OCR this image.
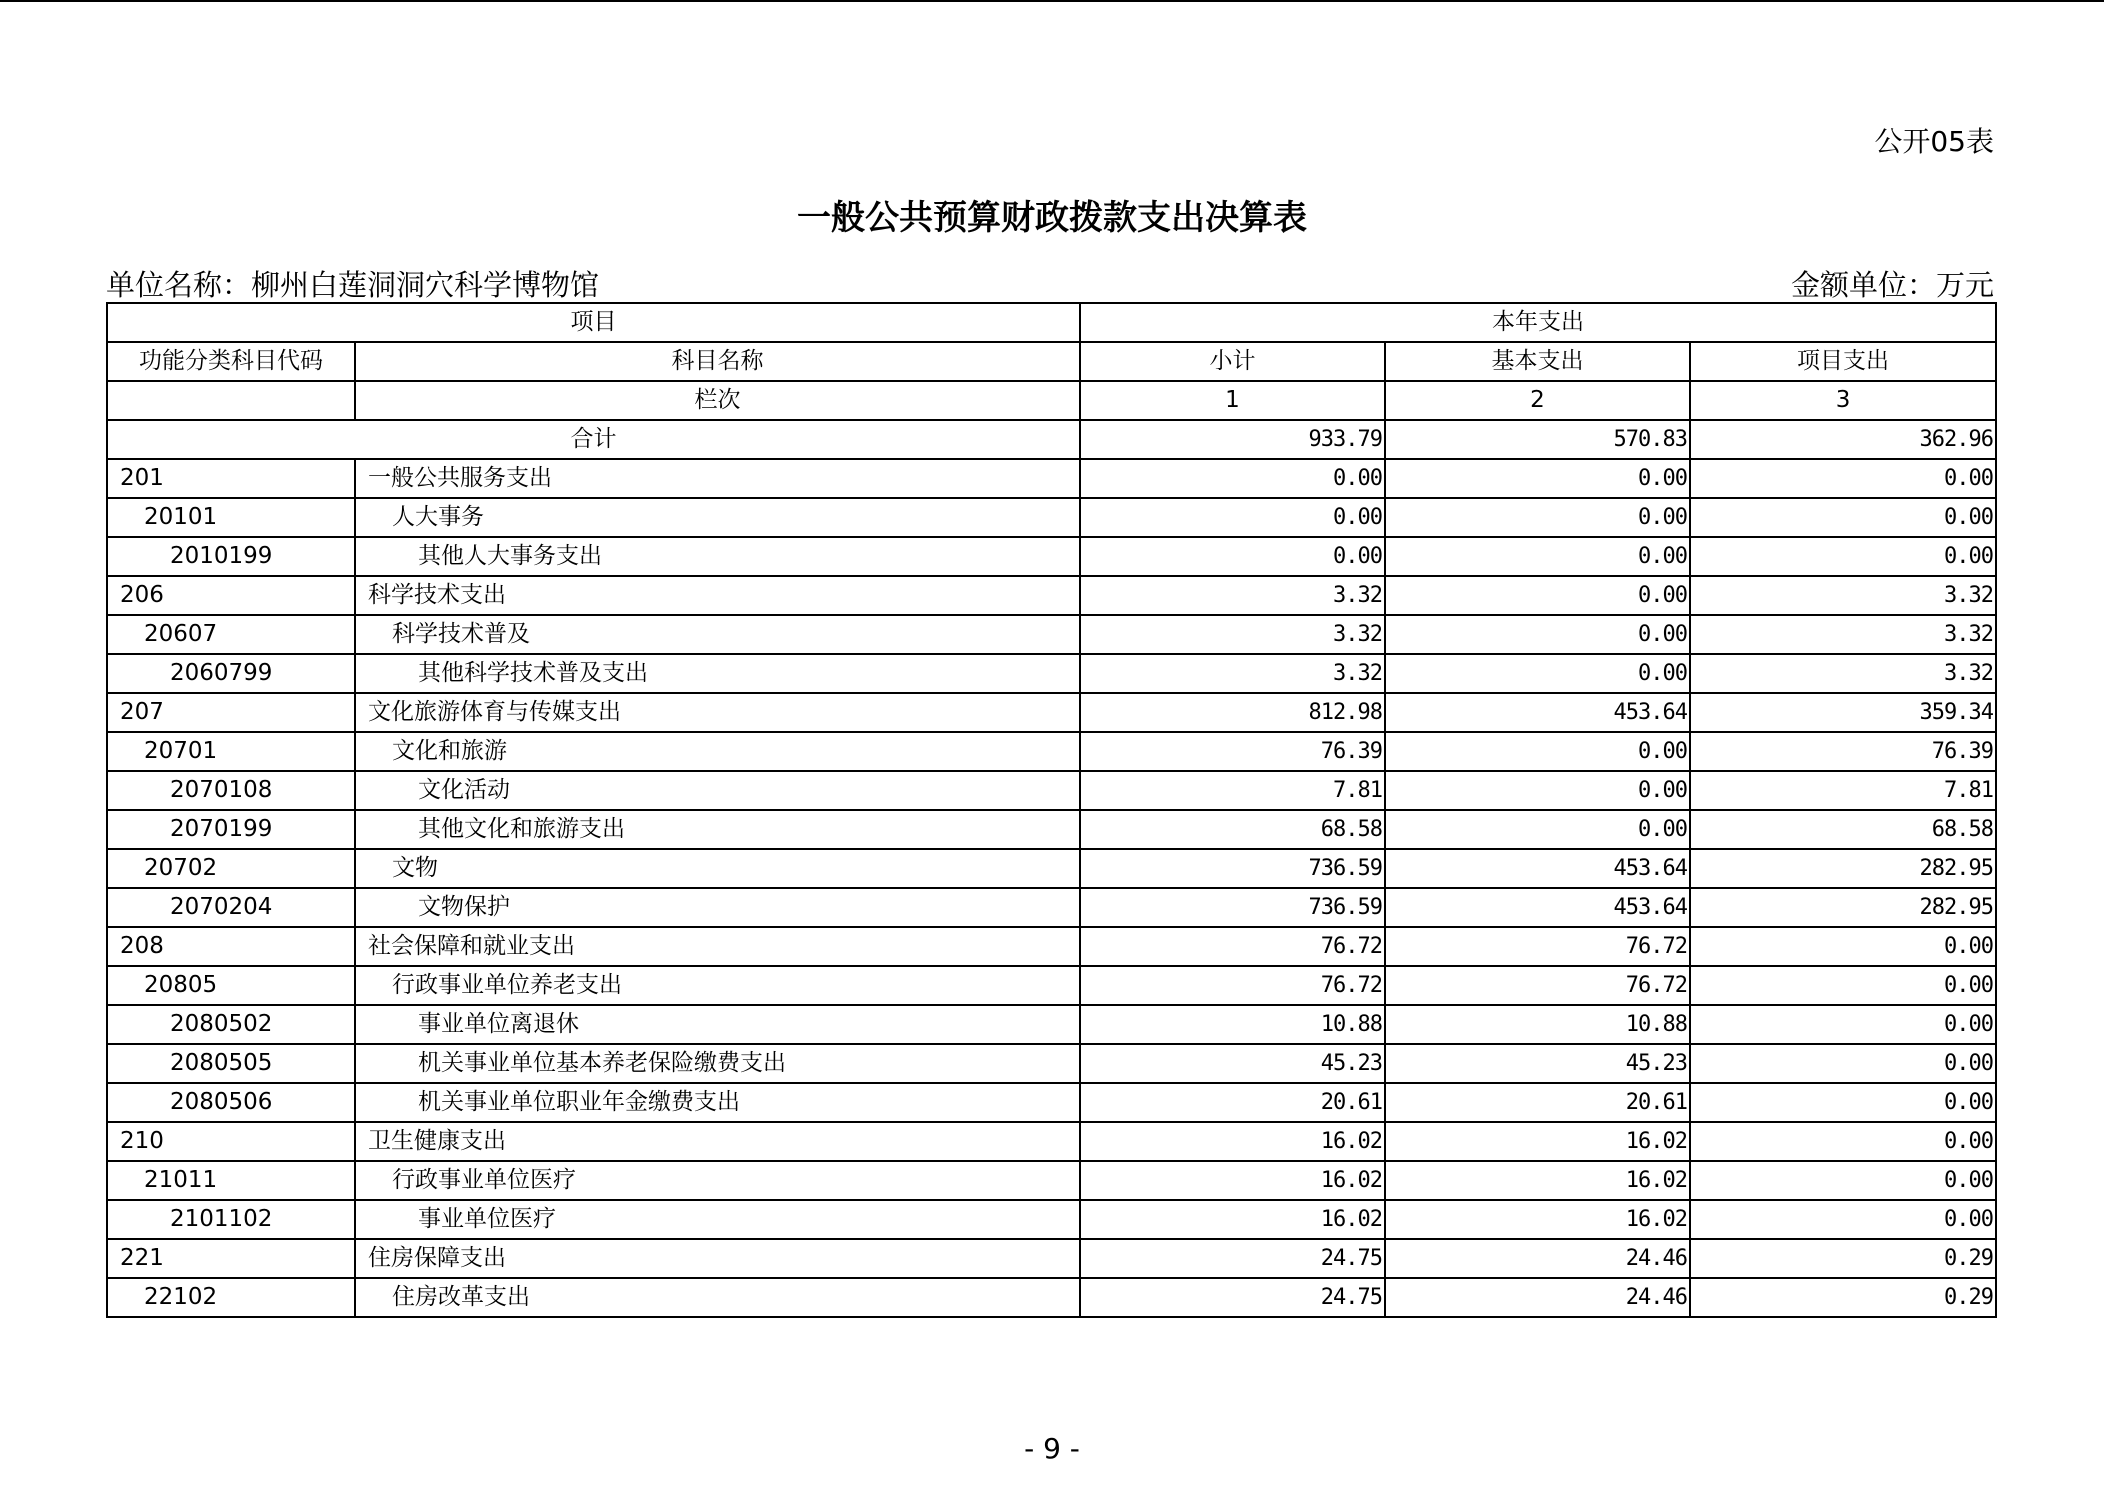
公开05表
一般公共预算财政拨款支出决算表
单位名称：柳州白莲洞洞穴科学博物馆	金额单位：万元
项目		本年支出		
功能分类科目代码	科目名称	小计	基本支出	项目支出
	栏次	1	2	3
合计		933.79	570.83	362.96
201	一般公共服务支出	0.00	0.00	0.00
20101	人大事务	0.00	0.00	0.00
2010199	其他人大事务支出	0.00	0.00	0.00
206	科学技术支出	3.32	0.00	3.32
20607	科学技术普及	3.32	0.00	3.32
2060799	其他科学技术普及支出	3.32	0.00	3.32
207	文化旅游体育与传媒支出	812.98	453.64	359.34
20701	文化和旅游	76.39	0.00	76.39
2070108	文化活动	7.81	0.00	7.81
2070199	其他文化和旅游支出	68.58	0.00	68.58
20702	文物	736.59	453.64	282.95
2070204	文物保护	736.59	453.64	282.95
208	社会保障和就业支出	76.72	76.72	0.00
20805	行政事业单位养老支出	76.72	76.72	0.00
2080502	事业单位离退休	10.88	10.88	0.00
2080505	机关事业单位基本养老保险缴费支出	45.23	45.23	0.00
2080506	机关事业单位职业年金缴费支出	20.61	20.61	0.00
210	卫生健康支出	16.02	16.02	0.00
21011	行政事业单位医疗	16.02	16.02	0.00
2101102	事业单位医疗	16.02	16.02	0.00
221	住房保障支出	24.75	24.46	0.29
22102	住房改革支出	24.75	24.46	0.29
- 9 -
